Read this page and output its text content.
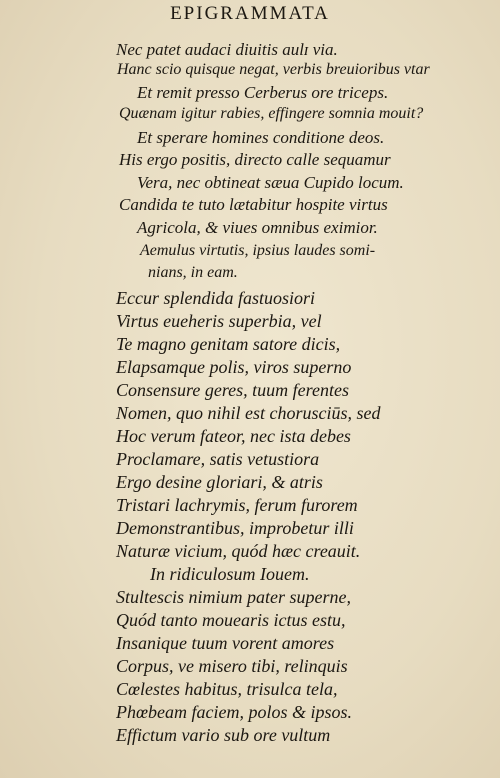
EPIGRAMMATA
Nec patet audaci diuitis aulɪ via.
Hanc scio quisque negat, verbis breuioribus vtar
Et remit presso Cerberus ore triceps.
Quænam igitur rabies, effingere somnia mouit?
Et sperare homines conditione deos.
His ergo positis, directo calle sequamur
Vera, nec obtineat sæua Cupido locum.
Candida te tuto lætabitur hospite virtus
Agricola, & viues omnibus eximior.
Aemulus virtutis, ipsius laudes somi-
nians, in eam.
Eccur splendida fastuosiori
Virtus eueheris superbia, vel
Te magno genitam satore dicis,
Elapsamque polis, viros superno
Consensure geres, tuum ferentes
Nomen, quo nihil est chorusciūs, sed
Hoc verum fateor, nec ista debes
Proclamare, satis vetustiora
Ergo desine gloriari, & atris
Tristari lachrymis, ferum furorem
Demonstrantibus, improbetur illi
Naturæ vicium, quód hæc creauit.
In ridiculosum Iouem.
Stultescis nimium pater superne,
Quód tanto mouearis ictus estu,
Insanique tuum vorent amores
Corpus, ve misero tibi, relinquis
Cœlestes habitus, trisulca tela,
Phœbeam faciem, polos & ipsos.
Effictum vario sub ore vultum
